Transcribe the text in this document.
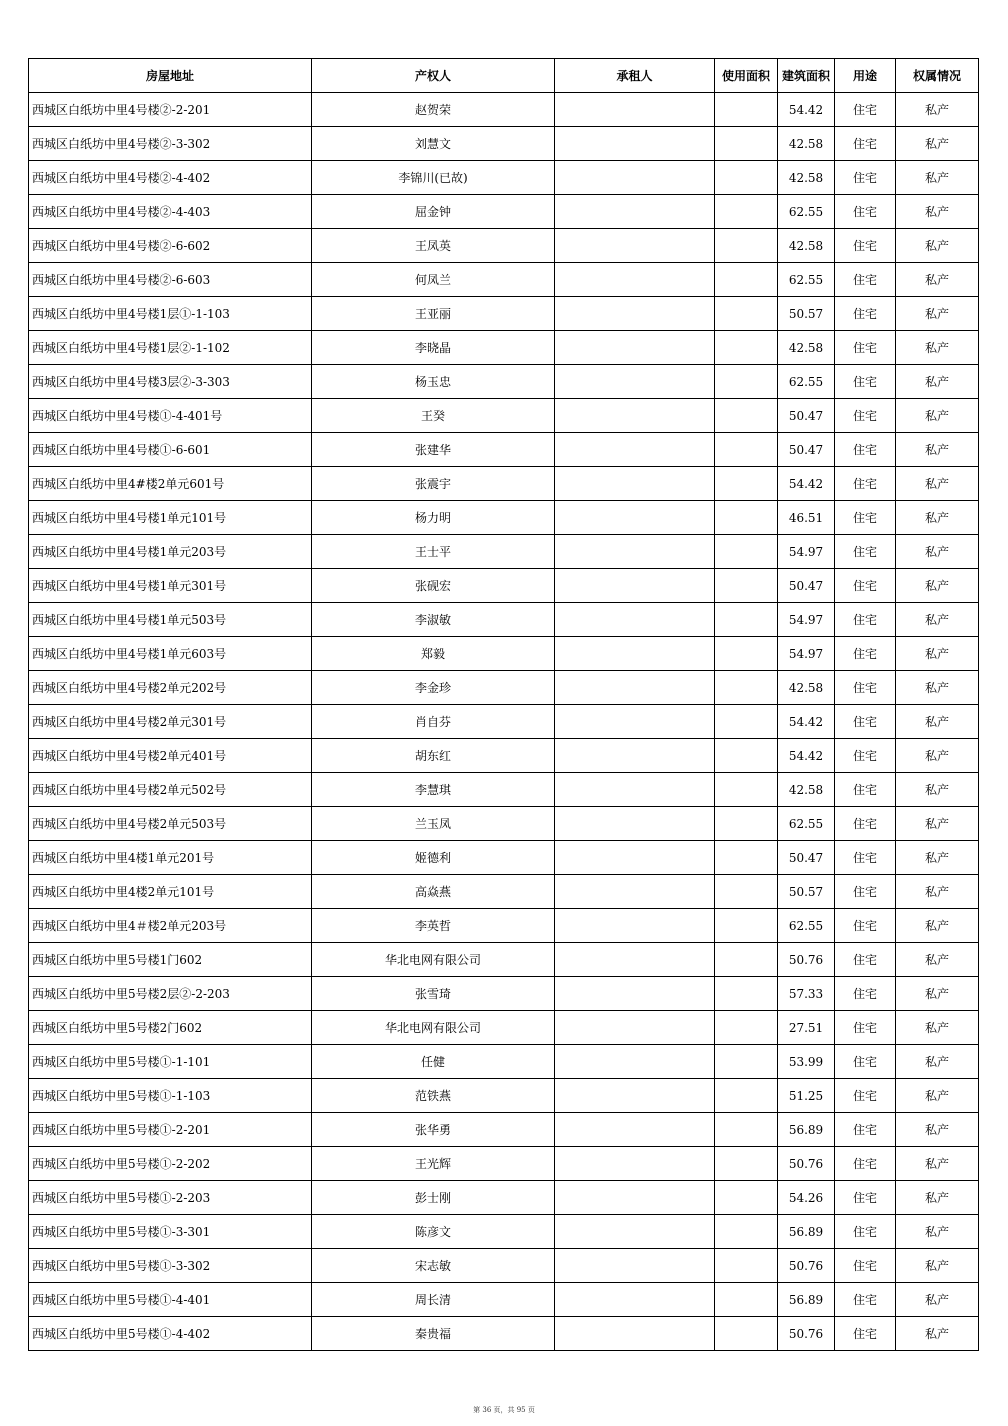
房屋地址	产权人	承租人	使用面积	建筑面积	用途	权属情况
西城区白纸坊中里4号楼②-2-201	赵贺荣			54.42	住宅	私产
西城区白纸坊中里4号楼②-3-302	刘慧文			42.58	住宅	私产
西城区白纸坊中里4号楼②-4-402	李锦川(已故)			42.58	住宅	私产
西城区白纸坊中里4号楼②-4-403	屈金钟			62.55	住宅	私产
西城区白纸坊中里4号楼②-6-602	王凤英			42.58	住宅	私产
西城区白纸坊中里4号楼②-6-603	何凤兰			62.55	住宅	私产
西城区白纸坊中里4号楼1层①-1-103	王亚丽			50.57	住宅	私产
西城区白纸坊中里4号楼1层②-1-102	李晓晶			42.58	住宅	私产
西城区白纸坊中里4号楼3层②-3-303	杨玉忠			62.55	住宅	私产
西城区白纸坊中里4号楼①-4-401号	王癸			50.47	住宅	私产
西城区白纸坊中里4号楼①-6-601	张建华			50.47	住宅	私产
西城区白纸坊中里4#楼2单元601号	张震宇			54.42	住宅	私产
西城区白纸坊中里4号楼1单元101号	杨力明			46.51	住宅	私产
西城区白纸坊中里4号楼1单元203号	王士平			54.97	住宅	私产
西城区白纸坊中里4号楼1单元301号	张砚宏			50.47	住宅	私产
西城区白纸坊中里4号楼1单元503号	李淑敏			54.97	住宅	私产
西城区白纸坊中里4号楼1单元603号	郑毅			54.97	住宅	私产
西城区白纸坊中里4号楼2单元202号	李金珍			42.58	住宅	私产
西城区白纸坊中里4号楼2单元301号	肖自芬			54.42	住宅	私产
西城区白纸坊中里4号楼2单元401号	胡东红			54.42	住宅	私产
西城区白纸坊中里4号楼2单元502号	李慧琪			42.58	住宅	私产
西城区白纸坊中里4号楼2单元503号	兰玉凤			62.55	住宅	私产
西城区白纸坊中里4楼1单元201号	姬德利			50.47	住宅	私产
西城区白纸坊中里4楼2单元101号	高焱燕			50.57	住宅	私产
西城区白纸坊中里4＃楼2单元203号	李英哲			62.55	住宅	私产
西城区白纸坊中里5号楼1门602	华北电网有限公司			50.76	住宅	私产
西城区白纸坊中里5号楼2层②-2-203	张雪琦			57.33	住宅	私产
西城区白纸坊中里5号楼2门602	华北电网有限公司			27.51	住宅	私产
西城区白纸坊中里5号楼①-1-101	任健			53.99	住宅	私产
西城区白纸坊中里5号楼①-1-103	范铁燕			51.25	住宅	私产
西城区白纸坊中里5号楼①-2-201	张华勇			56.89	住宅	私产
西城区白纸坊中里5号楼①-2-202	王光辉			50.76	住宅	私产
西城区白纸坊中里5号楼①-2-203	彭士刚			54.26	住宅	私产
西城区白纸坊中里5号楼①-3-301	陈彦文			56.89	住宅	私产
西城区白纸坊中里5号楼①-3-302	宋志敏			50.76	住宅	私产
西城区白纸坊中里5号楼①-4-401	周长清			56.89	住宅	私产
西城区白纸坊中里5号楼①-4-402	秦贵福			50.76	住宅	私产
第 36 页，共 95 页
